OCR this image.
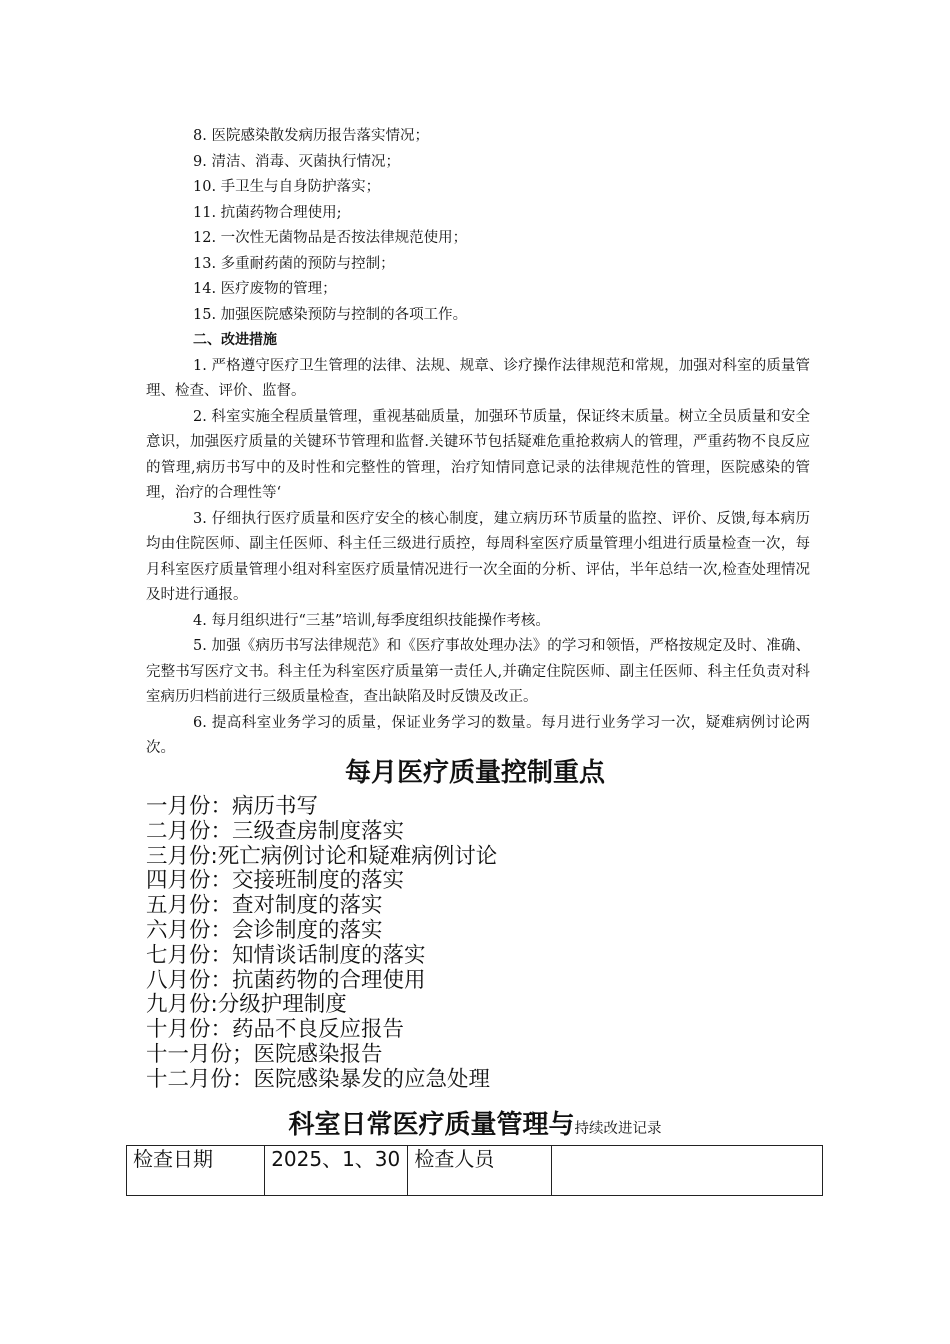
8. 医院感染散发病历报告落实情况；
9. 清洁、消毒、灭菌执行情况；
10. 手卫生与自身防护落实；
11. 抗菌药物合理使用;
12. 一次性无菌物品是否按法律规范使用；
13. 多重耐药菌的预防与控制；
14. 医疗废物的管理；
15. 加强医院感染预防与控制的各项工作。
二、改进措施
1. 严格遵守医疗卫生管理的法律、法规、规章、诊疗操作法律规范和常规，加强对科室的质量管理、检查、评价、监督。
2. 科室实施全程质量管理，重视基础质量，加强环节质量，保证终末质量。树立全员质量和安全意识，加强医疗质量的关键环节管理和监督.关键环节包括疑难危重抢救病人的管理，严重药物不良反应的管理,病历书写中的及时性和完整性的管理，治疗知情同意记录的法律规范性的管理，医院感染的管理，治疗的合理性等‘
3. 仔细执行医疗质量和医疗安全的核心制度，建立病历环节质量的监控、评价、反馈,每本病历均由住院医师、副主任医师、科主任三级进行质控，每周科室医疗质量管理小组进行质量检查一次，每月科室医疗质量管理小组对科室医疗质量情况进行一次全面的分析、评估，半年总结一次,检查处理情况及时进行通报。
4. 每月组织进行“三基”培训,每季度组织技能操作考核。
5. 加强《病历书写法律规范》和《医疗事故处理办法》的学习和领悟，严格按规定及时、准确、完整书写医疗文书。科主任为科室医疗质量第一责任人,并确定住院医师、副主任医师、科主任负责对科室病历归档前进行三级质量检查，查出缺陷及时反馈及改正。
6. 提高科室业务学习的质量，保证业务学习的数量。每月进行业务学习一次，疑难病例讨论两次。
每月医疗质量控制重点
一月份：病历书写
二月份：三级查房制度落实
三月份:死亡病例讨论和疑难病例讨论
四月份：交接班制度的落实
五月份：查对制度的落实
六月份：会诊制度的落实
七月份：知情谈话制度的落实
八月份：抗菌药物的合理使用
九月份:分级护理制度
十月份：药品不良反应报告
十一月份；医院感染报告
十二月份：医院感染暴发的应急处理
科室日常医疗质量管理与持续改进记录
检查日期	2025、1、30	检查人员	
